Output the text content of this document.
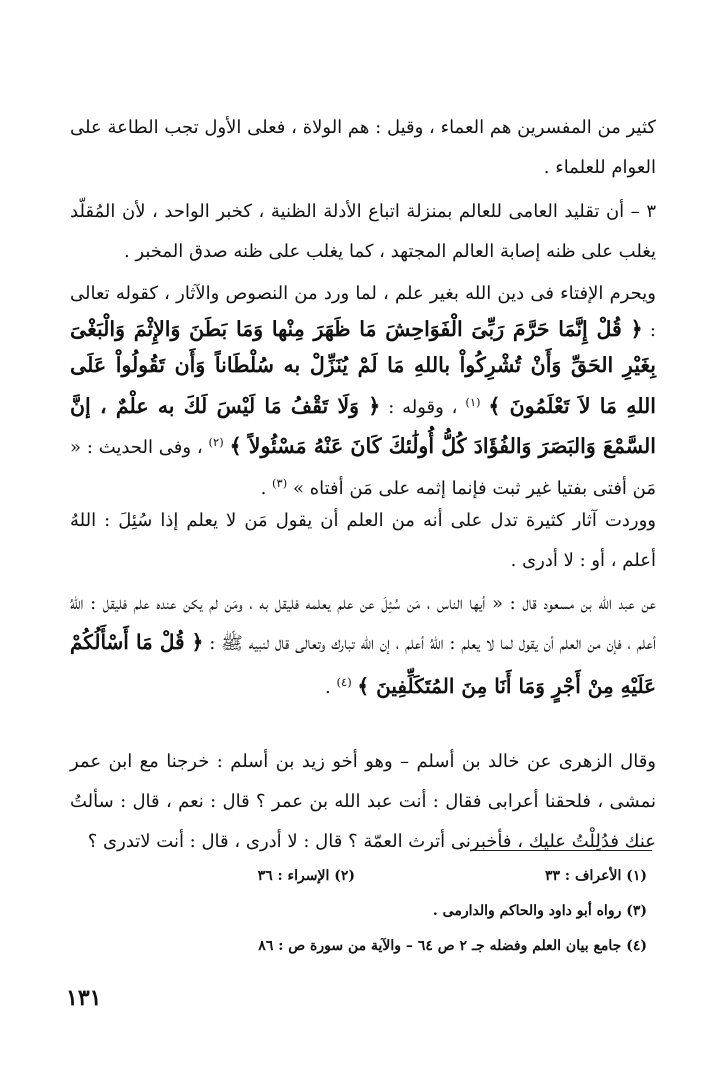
كثير من المفسرين هم العماء ، وقيل : هم الولاة ، فعلى الأول تجب الطاعة على العوام للعلماء .

٣ – أن تقليد العامى للعالم بمنزلة اتباع الأدلة الظنية ، كخبر الواحد ، لأن المُقلّد يغلب على ظنه إصابة العالم المجتهد ، كما يغلب على ظنه صدق المخبر .

ويحرم الإفتاء فى دين الله بغير علم ، لما ورد من النصوص والآثار ، كقوله تعالى : ﴿ قُلْ إِنَّمَا حَرَّمَ رَبِّىَ الْفَوَاحِشَ مَا ظَهَرَ مِنْها وَمَا بَطَنَ وَالإِثْمَ وَالْبَغْىَ بِغَيْرِ الحَقِّ وَأَنْ تُشْرِكُواْ باللهِ مَا لَمْ يُنَزِّلْ به سُلْطَاناً وَأَن تَقُولُواْ عَلَى اللهِ مَا لاَ تَعْلَمُونَ ﴾ $^{(١)}$ ، وقوله : ﴿ وَلَا تَقْفُ مَا لَيْسَ لَكَ به علْمٌ ، إنَّ السَّمْعَ وَالبَصَرَ وَالفُؤَادَ كُلُّ أُولَٰئكَ كَانَ عَنْهُ مَسْئُولاً ﴾ $^{(٢)}$ ، وفى الحديث : « مَن أفتى بفتيا غير ثبت فإنما إثمه على مَن أفتاه » $^{(٣)}$ .

ووردت آثار كثيرة تدل على أنه من العلم أن يقول مَن لا يعلم إذا سُئِلَ : اللهُ أعلم ، أو : لا أدرى .

عن عبد الله بن مسعود قال : « أيها الناس ، مَن سُئِلَ عن علم يعلمه فليقل به ، ومَن لم يكن عنده علم فليقل : اللهُ أعلم ، فإن من العلم أن يقول لما لا يعلم : اللهُ أعلم ، إن الله تبارك وتعالى قال لنبيه ﷺ : ﴿ قُلْ مَا أَسْأَلُكُمْ عَلَيْهِ مِنْ أَجْرٍ وَمَا أَنَا مِنَ المُتَكَلِّفِينَ ﴾ $^{(٤)}$ .

وقال الزهرى عن خالد بن أسلم – وهو أخو زيد بن أسلم : خرجنا مع ابن عمر نمشى ، فلحقنا أعرابى فقال : أنت عبد الله بن عمر ؟ قال : نعم ، قال : سألتُ عنك فدُلِلْتُ عليك ، فأخبرنى أترث العمّة ؟ قال : لا أدرى ، قال : أنت لاتدرى ؟

(١) الأعراف : ٣٣
(٢) الإسراء : ٣٦
(٣) رواه أبو داود والحاكم والدارمى .
(٤) جامع بيان العلم وفضله جـ ٢ ص ٦٤ – والآية من سورة ص : ٨٦
١٣١
